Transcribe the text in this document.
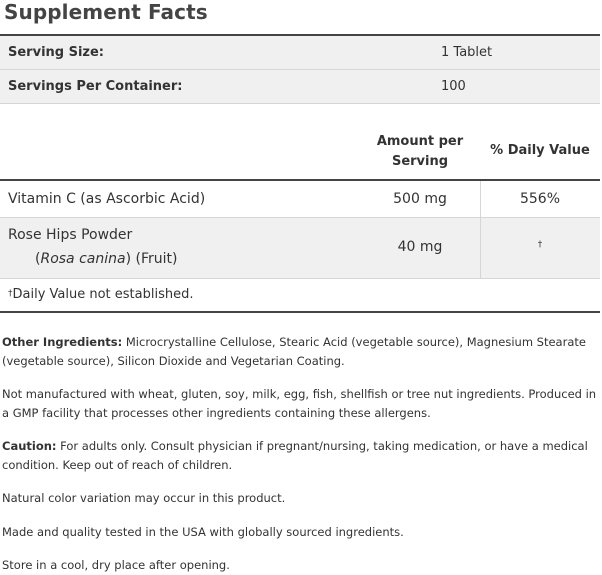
Supplement Facts
Serving Size:	1 Tablet
Servings Per Container:	100
Amount per
Serving
% Daily Value
Vitamin C (as Ascorbic Acid)	500 mg	556%
Rose Hips Powder
(Rosa canina) (Fruit)
40 mg	†
†Daily Value not established.

Other Ingredients: Microcrystalline Cellulose, Stearic Acid (vegetable source), Magnesium Stearate (vegetable source), Silicon Dioxide and Vegetarian Coating.

Not manufactured with wheat, gluten, soy, milk, egg, fish, shellfish or tree nut ingredients. Produced in a GMP facility that processes other ingredients containing these allergens.

Caution: For adults only. Consult physician if pregnant/nursing, taking medication, or have a medical condition. Keep out of reach of children.

Natural color variation may occur in this product.

Made and quality tested in the USA with globally sourced ingredients.

Store in a cool, dry place after opening.
